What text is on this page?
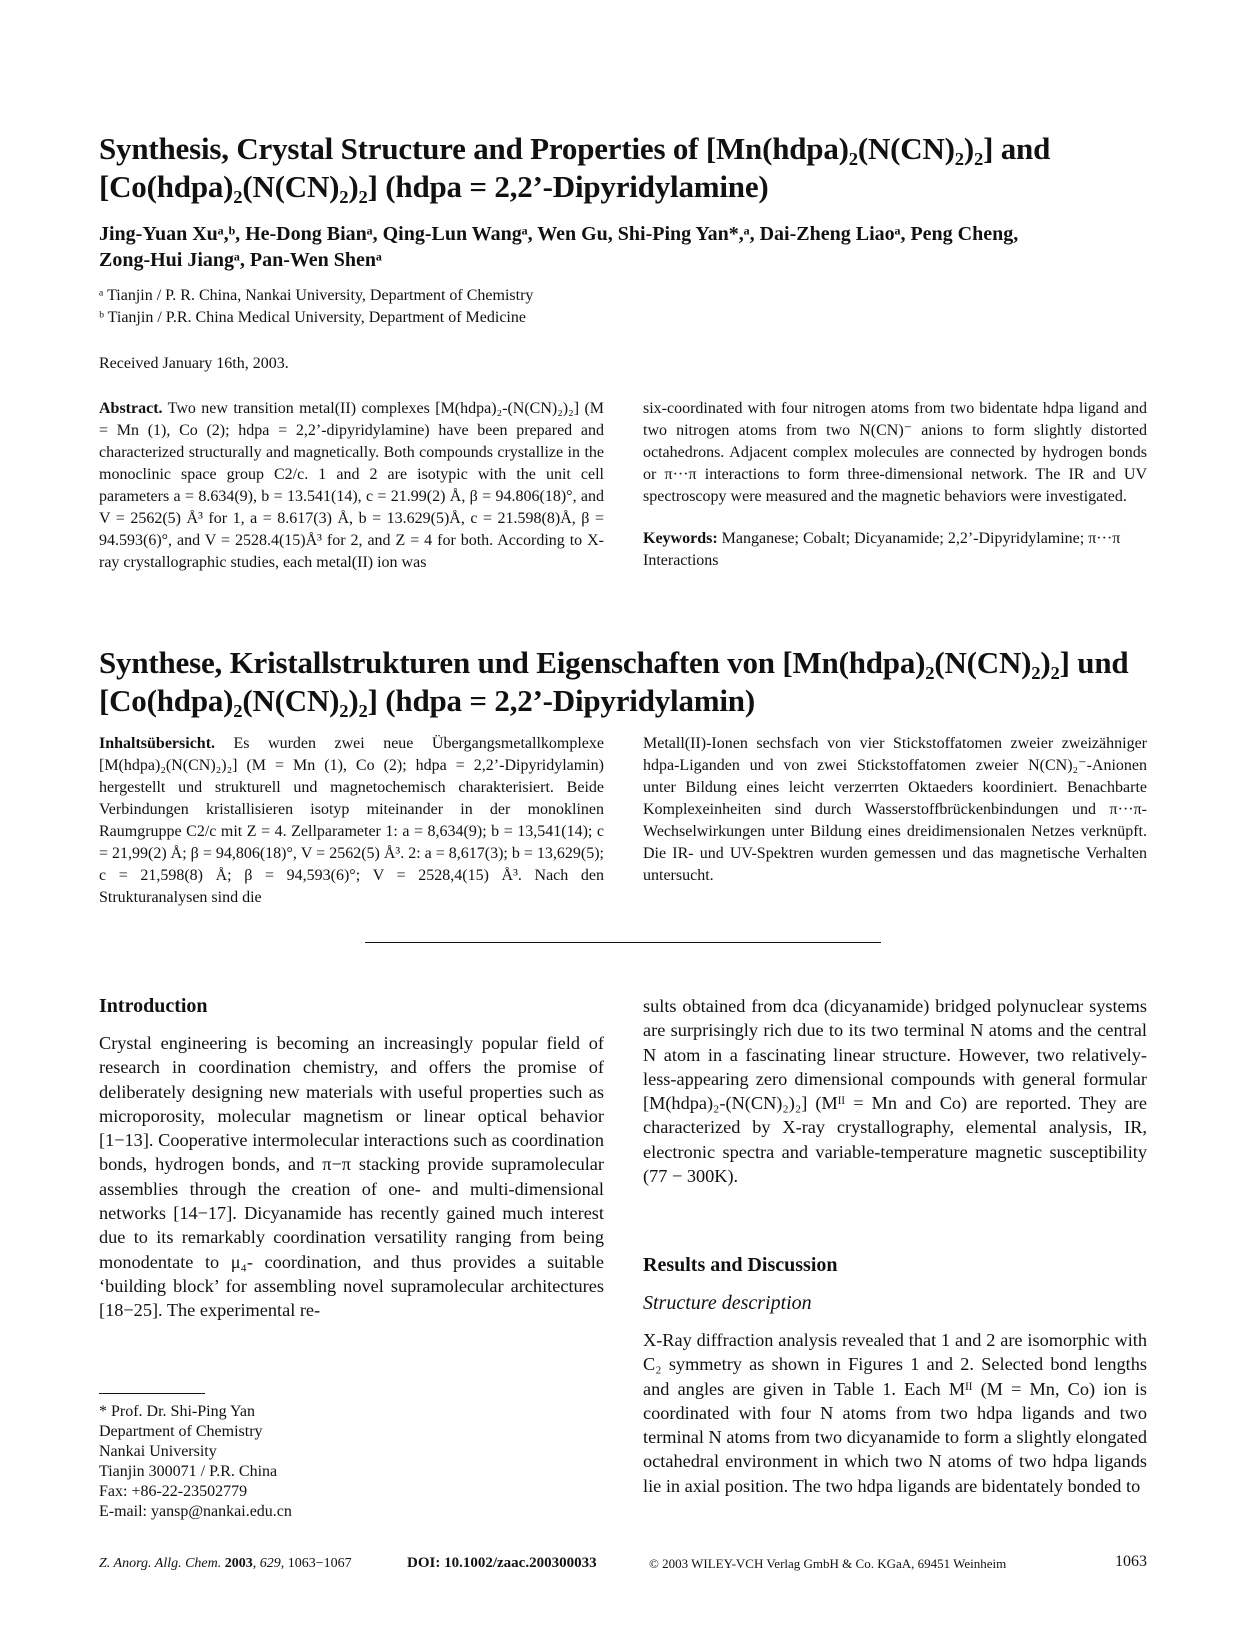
Synthesis, Crystal Structure and Properties of [Mn(hdpa)₂(N(CN)₂)₂] and
[Co(hdpa)₂(N(CN)₂)₂] (hdpa = 2,2’-Dipyridylamine)
Jing-Yuan Xuᵃ,ᵇ, He-Dong Bianᵃ, Qing-Lun Wangᵃ, Wen Gu, Shi-Ping Yan*,ᵃ, Dai-Zheng Liaoᵃ, Peng Cheng,
Zong-Hui Jiangᵃ, Pan-Wen Shenᵃ
ᵃ Tianjin / P. R. China, Nankai University, Department of Chemistry
ᵇ Tianjin / P.R. China Medical University, Department of Medicine
Received January 16th, 2003.

Abstract. Two new transition metal(II) complexes [M(hdpa)₂-(N(CN)₂)₂] (M = Mn (1), Co (2); hdpa = 2,2’-dipyridylamine) have been prepared and characterized structurally and magnetically. Both compounds crystallize in the monoclinic space group C2/c. 1 and 2 are isotypic with the unit cell parameters a = 8.634(9), b = 13.541(14), c = 21.99(2) Å, β = 94.806(18)°, and V = 2562(5) Å³ for 1, a = 8.617(3) Å, b = 13.629(5)Å, c = 21.598(8)Å, β = 94.593(6)°, and V = 2528.4(15)Å³ for 2, and Z = 4 for both. According to X-ray crystallographic studies, each metal(II) ion was

six-coordinated with four nitrogen atoms from two bidentate hdpa ligand and two nitrogen atoms from two N(CN)⁻ anions to form slightly distorted octahedrons. Adjacent complex molecules are connected by hydrogen bonds or π···π interactions to form three-dimensional network. The IR and UV spectroscopy were measured and the magnetic behaviors were investigated.

Keywords: Manganese; Cobalt; Dicyanamide; 2,2’-Dipyridylamine; π···π Interactions

Synthese, Kristallstrukturen und Eigenschaften von [Mn(hdpa)₂(N(CN)₂)₂] und
[Co(hdpa)₂(N(CN)₂)₂] (hdpa = 2,2’-Dipyridylamin)

Inhaltsübersicht. Es wurden zwei neue Übergangsmetallkomplexe [M(hdpa)₂(N(CN)₂)₂] (M = Mn (1), Co (2); hdpa = 2,2’-Dipyridylamin) hergestellt und strukturell und magnetochemisch charakterisiert. Beide Verbindungen kristallisieren isotyp miteinander in der monoklinen Raumgruppe C2/c mit Z = 4. Zellparameter 1: a = 8,634(9); b = 13,541(14); c = 21,99(2) Å; β = 94,806(18)°, V = 2562(5) Å³. 2: a = 8,617(3); b = 13,629(5); c = 21,598(8) Å; β = 94,593(6)°; V = 2528,4(15) Å³. Nach den Strukturanalysen sind die

Metall(II)-Ionen sechsfach von vier Stickstoffatomen zweier zweizähniger hdpa-Liganden und von zwei Stickstoffatomen zweier N(CN)₂⁻-Anionen unter Bildung eines leicht verzerrten Oktaeders koordiniert. Benachbarte Komplexeinheiten sind durch Wasserstoffbrückenbindungen und π···π-Wechselwirkungen unter Bildung eines dreidimensionalen Netzes verknüpft. Die IR- und UV-Spektren wurden gemessen und das magnetische Verhalten untersucht.

Introduction

Crystal engineering is becoming an increasingly popular field of research in coordination chemistry, and offers the promise of deliberately designing new materials with useful properties such as microporosity, molecular magnetism or linear optical behavior [1−13]. Cooperative intermolecular interactions such as coordination bonds, hydrogen bonds, and π−π stacking provide supramolecular assemblies through the creation of one- and multi-dimensional networks [14−17]. Dicyanamide has recently gained much interest due to its remarkably coordination versatility ranging from being monodentate to μ₄- coordination, and thus provides a suitable ‘building block’ for assembling novel supramolecular architectures [18−25]. The experimental re-

* Prof. Dr. Shi-Ping Yan
Department of Chemistry
Nankai University
Tianjin 300071 / P.R. China
Fax: +86-22-23502779
E-mail: yansp@nankai.edu.cn

sults obtained from dca (dicyanamide) bridged polynuclear systems are surprisingly rich due to its two terminal N atoms and the central N atom in a fascinating linear structure. However, two relatively-less-appearing zero dimensional compounds with general formular [M(hdpa)₂-(N(CN)₂)₂] (Mᴵᴵ = Mn and Co) are reported. They are characterized by X-ray crystallography, elemental analysis, IR, electronic spectra and variable-temperature magnetic susceptibility (77 − 300K).

Results and Discussion
Structure description

X-Ray diffraction analysis revealed that 1 and 2 are isomorphic with C₂ symmetry as shown in Figures 1 and 2. Selected bond lengths and angles are given in Table 1. Each Mᴵᴵ (M = Mn, Co) ion is coordinated with four N atoms from two hdpa ligands and two terminal N atoms from two dicyanamide to form a slightly elongated octahedral environment in which two N atoms of two hdpa ligands lie in axial position. The two hdpa ligands are bidentately bonded to

Z. Anorg. Allg. Chem. 2003, 629, 1063−1067	DOI: 10.1002/zaac.200300033	© 2003 WILEY-VCH Verlag GmbH & Co. KGaA, 69451 Weinheim	1063
